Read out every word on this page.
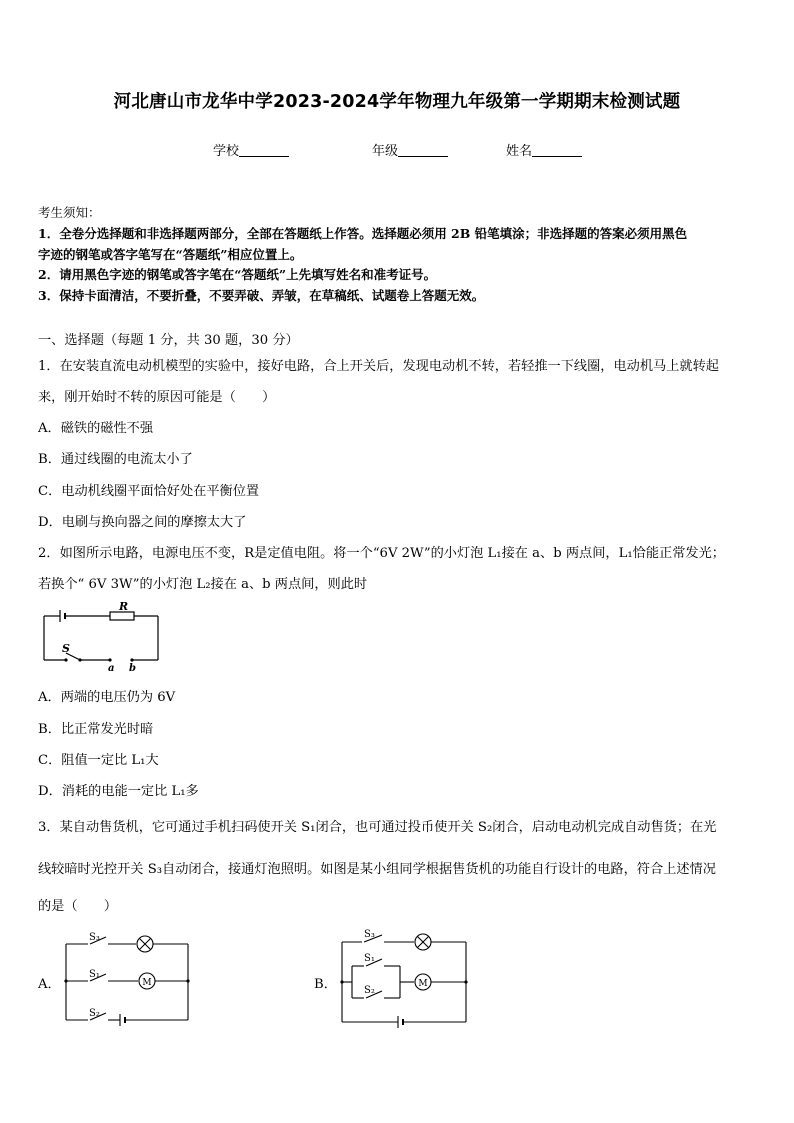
河北唐山市龙华中学2023-2024学年物理九年级第一学期期末检测试题
学校	年级	姓名
考生须知：
1．全卷分选择题和非选择题两部分，全部在答题纸上作答。选择题必须用 2B 铅笔填涂；非选择题的答案必须用黑色
字迹的钢笔或答字笔写在“答题纸”相应位置上。
2．请用黑色字迹的钢笔或答字笔在“答题纸”上先填写姓名和准考证号。
3．保持卡面清洁，不要折叠，不要弄破、弄皱，在草稿纸、试题卷上答题无效。
一、选择题（每题 1 分，共 30 题，30 分）
1．在安装直流电动机模型的实验中，接好电路，合上开关后，发现电动机不转，若轻推一下线圈，电动机马上就转起
来，刚开始时不转的原因可能是（　　）
A．磁铁的磁性不强
B．通过线圈的电流太小了
C．电动机线圈平面恰好处在平衡位置
D．电刷与换向器之间的摩擦太大了
2．如图所示电路，电源电压不变，R是定值电阻。将一个“6V 2W”的小灯泡 L₁接在 a、b 两点间，L₁恰能正常发光；
若换个“ 6V 3W”的小灯泡 L₂接在 a、b 两点间，则此时
R
S
a b
A．两端的电压仍为 6V
B．比正常发光时暗
C．阻值一定比 L₁大
D．消耗的电能一定比 L₁多
3．某自动售货机，它可通过手机扫码使开关 S₁闭合，也可通过投币使开关 S₂闭合，启动电动机完成自动售货；在光
线较暗时光控开关 S₃自动闭合，接通灯泡照明。如图是某小组同学根据售货机的功能自行设计的电路，符合上述情况
的是（　　）
A．
S₃
S₁
S₂
M	B．
S₃
S₁
S₂
M
